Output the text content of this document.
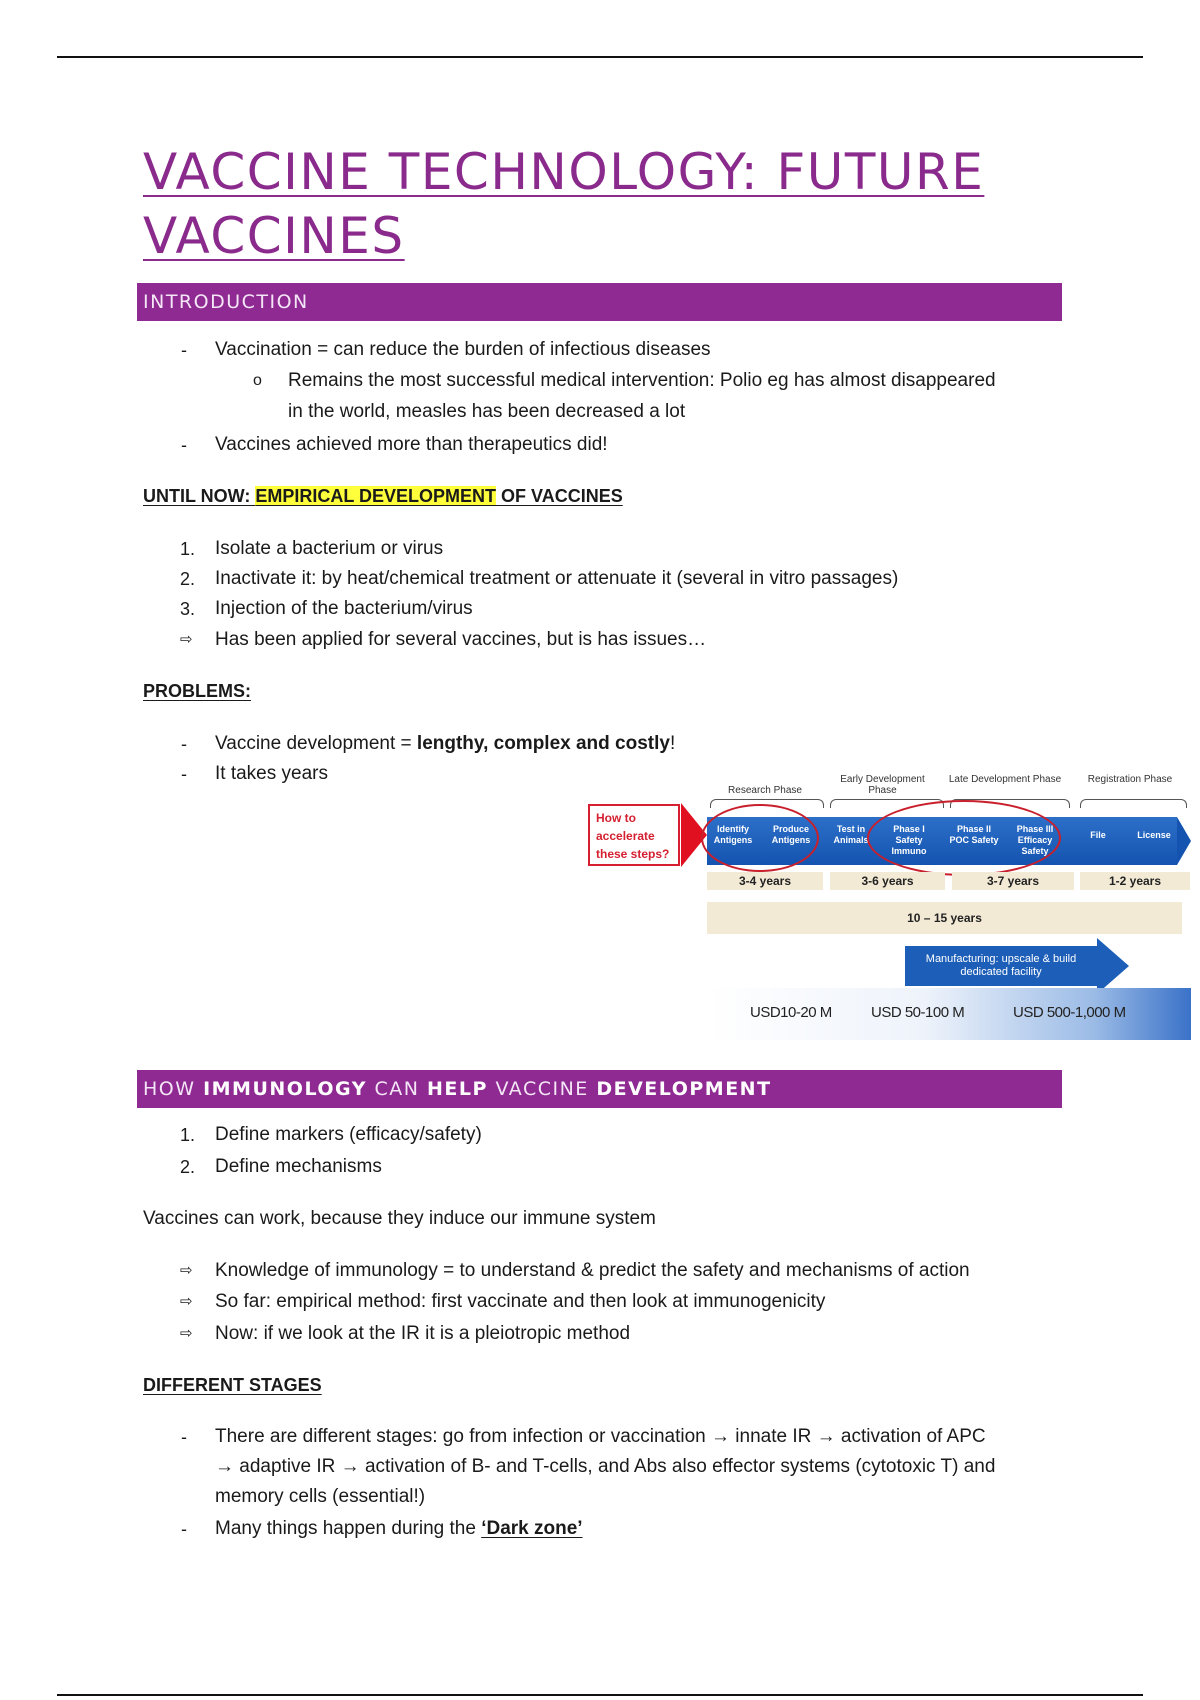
VACCINE TECHNOLOGY: FUTURE
VACCINES
INTRODUCTION
- Vaccination = can reduce the burden of infectious diseases
o Remains the most successful medical intervention: Polio eg has almost disappeared
in the world, measles has been decreased a lot
- Vaccines achieved more than therapeutics did!
UNTIL NOW: EMPIRICAL DEVELOPMENT OF VACCINES
1. Isolate a bacterium or virus
2. Inactivate it: by heat/chemical treatment or attenuate it (several in vitro passages)
3. Injection of the bacterium/virus
⇨ Has been applied for several vaccines, but is has issues…
PROBLEMS:
- Vaccine development = lengthy, complex and costly!
- It takes years
Research Phase
Early Development Phase
Late Development Phase	Registration Phase
How to accelerate these steps?
Identify Antigens
Produce Antigens
Test in Animals
Phase I Safety Immuno
Phase II POC Safety
Phase III Efficacy Safety
File	License
3-4 years	3-6 years	3-7 years	1-2 years
10 – 15 years
Manufacturing: upscale & build dedicated facility
USD10-20 M	USD 50-100 M	USD 500-1,000 M
HOW IMMUNOLOGY CAN HELP VACCINE DEVELOPMENT
1. Define markers (efficacy/safety)
2. Define mechanisms
Vaccines can work, because they induce our immune system
⇨ Knowledge of immunology = to understand & predict the safety and mechanisms of action
⇨ So far: empirical method: first vaccinate and then look at immunogenicity
⇨ Now: if we look at the IR it is a pleiotropic method
DIFFERENT STAGES
- There are different stages: go from infection or vaccination → innate IR → activation of APC
→ adaptive IR → activation of B- and T-cells, and Abs also effector systems (cytotoxic T) and
memory cells (essential!)
- Many things happen during the ‘Dark zone’
